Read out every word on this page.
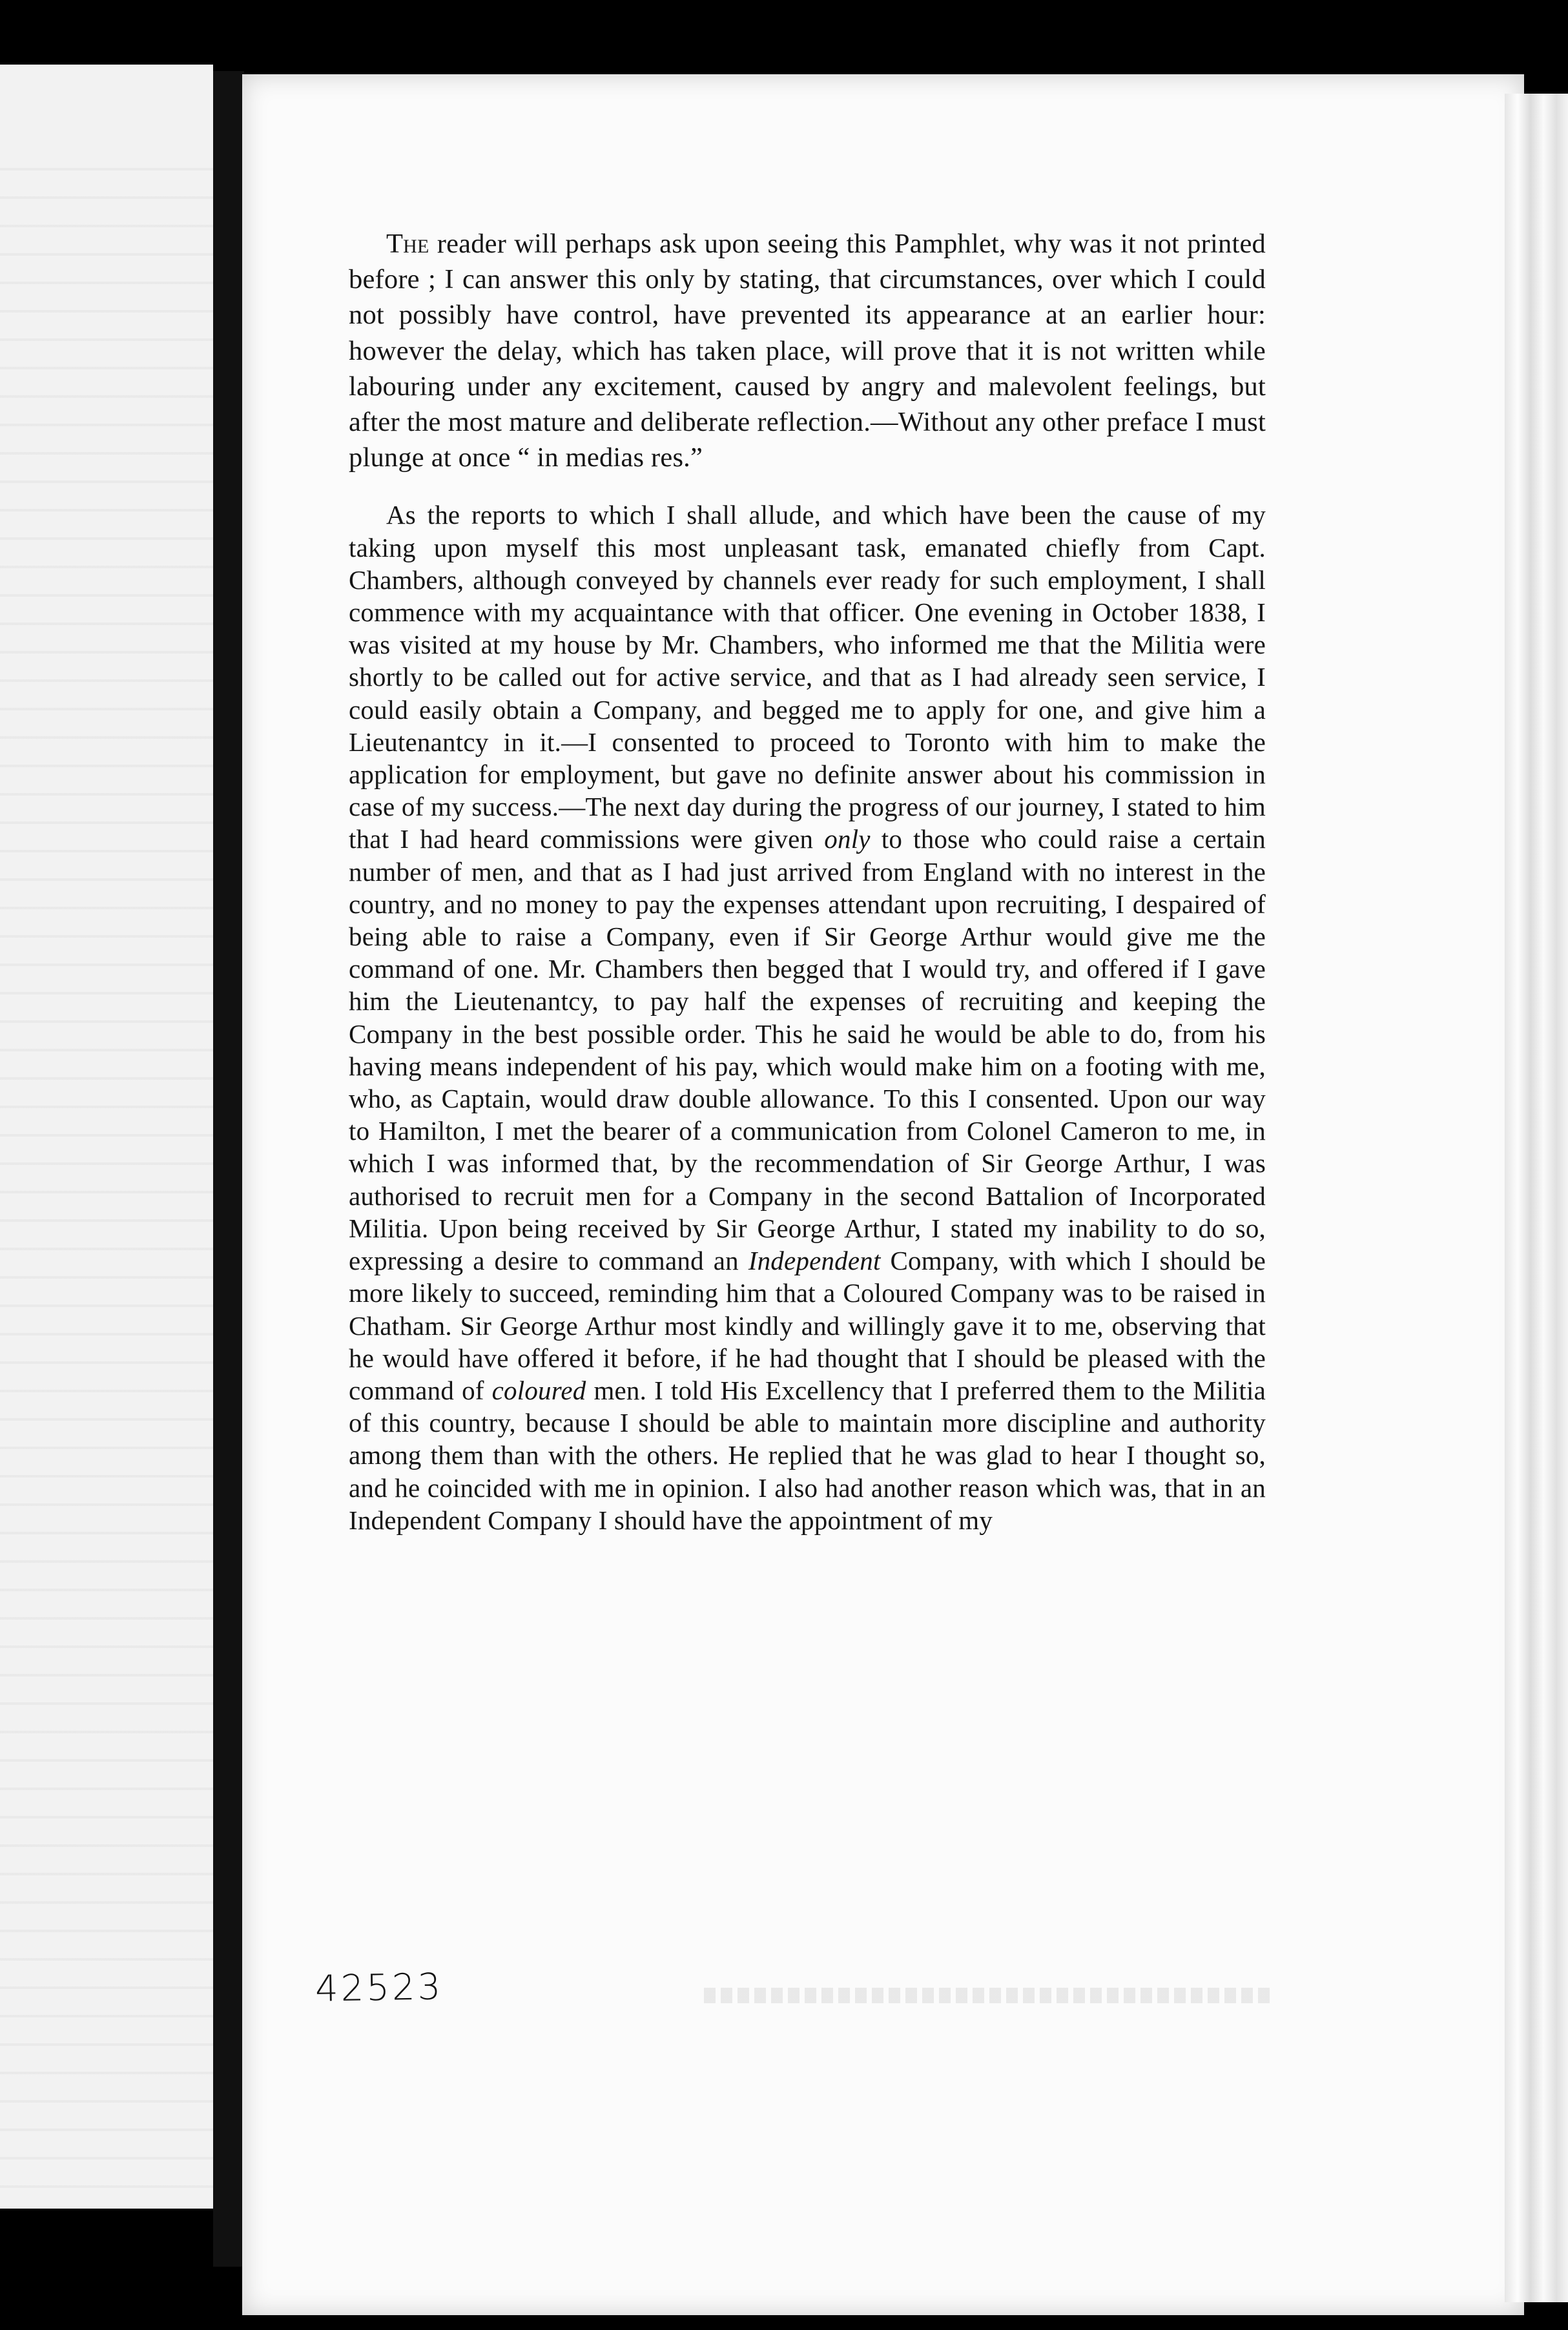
The reader will perhaps ask upon seeing this Pamphlet, why was it not printed before ; I can answer this only by stating, that circumstances, over which I could not possibly have control, have prevented its appearance at an earlier hour: however the delay, which has taken place, will prove that it is not written while labouring under any excitement, caused by angry and malevolent feelings, but after the most mature and deliberate reflection.—Without any other preface I must plunge at once “ in medias res.”

As the reports to which I shall allude, and which have been the cause of my taking upon myself this most unpleasant task, emanated chiefly from Capt. Chambers, although conveyed by channels ever ready for such employment, I shall commence with my acquaintance with that officer. One evening in October 1838, I was visited at my house by Mr. Chambers, who informed me that the Militia were shortly to be called out for active service, and that as I had already seen service, I could easily obtain a Company, and begged me to apply for one, and give him a Lieutenantcy in it.—I consented to proceed to Toronto with him to make the application for employment, but gave no definite answer about his commission in case of my success.—The next day during the progress of our journey, I stated to him that I had heard commissions were given only to those who could raise a certain number of men, and that as I had just arrived from England with no interest in the country, and no money to pay the expenses attendant upon recruiting, I despaired of being able to raise a Company, even if Sir George Arthur would give me the command of one. Mr. Chambers then begged that I would try, and offered if I gave him the Lieutenantcy, to pay half the expenses of recruiting and keeping the Company in the best possible order. This he said he would be able to do, from his having means independent of his pay, which would make him on a footing with me, who, as Captain, would draw double allowance. To this I consented. Upon our way to Hamilton, I met the bearer of a communication from Colonel Cameron to me, in which I was informed that, by the recommendation of Sir George Arthur, I was authorised to recruit men for a Company in the second Battalion of Incorporated Militia. Upon being received by Sir George Arthur, I stated my inability to do so, expressing a desire to command an Independent Company, with which I should be more likely to succeed, reminding him that a Coloured Company was to be raised in Chatham. Sir George Arthur most kindly and willingly gave it to me, observing that he would have offered it before, if he had thought that I should be pleased with the command of coloured men. I told His Excellency that I preferred them to the Militia of this country, because I should be able to maintain more discipline and authority among them than with the others. He replied that he was glad to hear I thought so, and he coincided with me in opinion. I also had another reason which was, that in an Independent Company I should have the appointment of my

42523
